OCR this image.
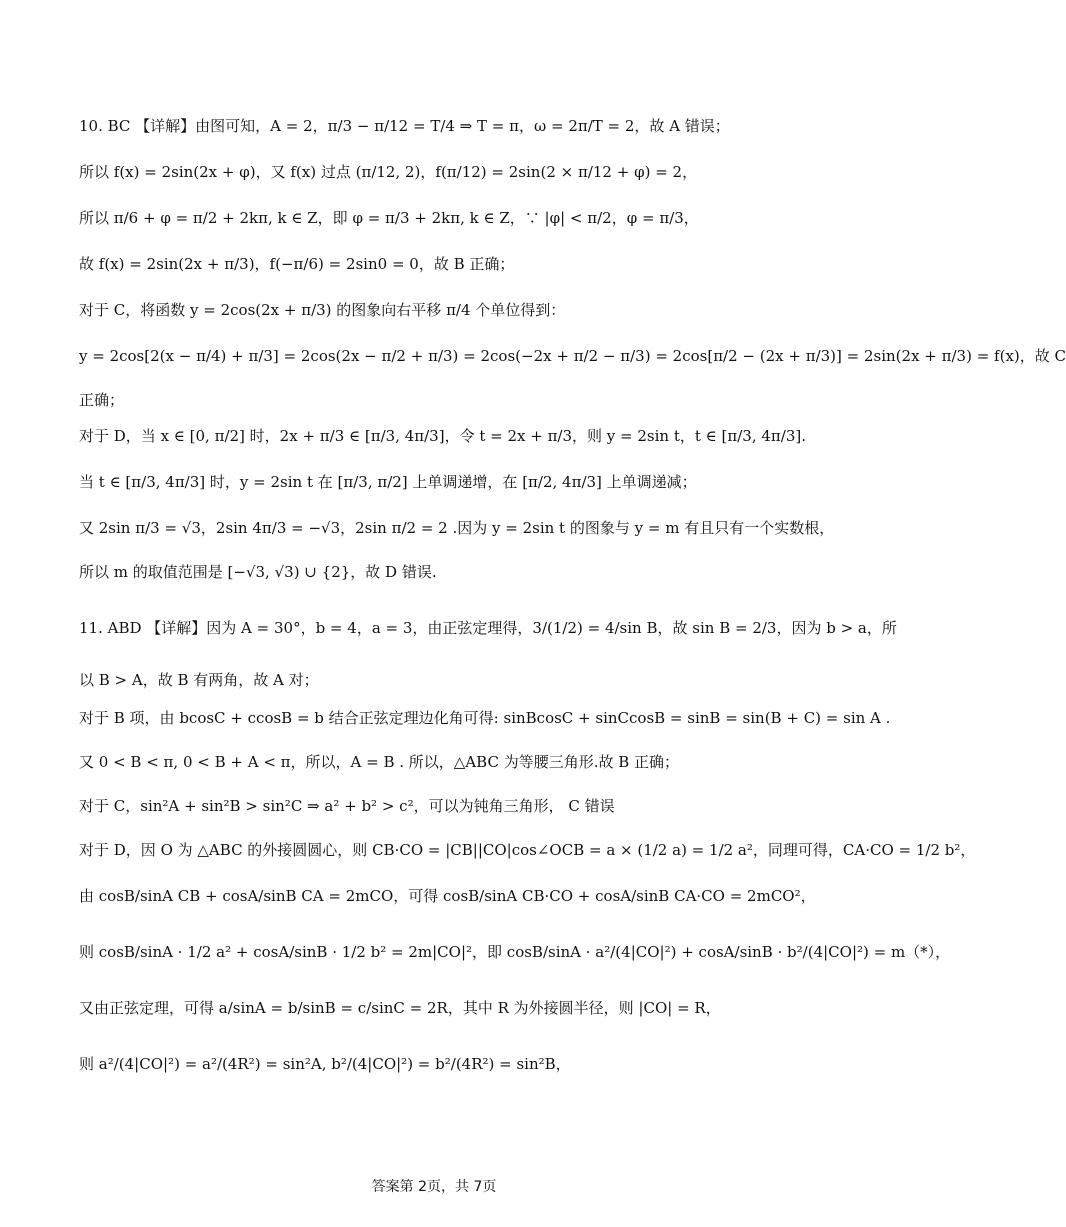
10. BC 【详解】由图可知，A = 2，π/3 − π/12 = T/4 ⇒ T = π，ω = 2π/T = 2，故 A 错误；
所以 f(x) = 2sin(2x + φ)，又 f(x) 过点 (π/12, 2)，f(π/12) = 2sin(2 × π/12 + φ) = 2，
所以 π/6 + φ = π/2 + 2kπ, k ∈ Z，即 φ = π/3 + 2kπ, k ∈ Z，∵ |φ| < π/2，φ = π/3，
故 f(x) = 2sin(2x + π/3)，f(−π/6) = 2sin0 = 0，故 B 正确；
对于 C，将函数 y = 2cos(2x + π/3) 的图象向右平移 π/4 个单位得到：
y = 2cos[2(x − π/4) + π/3] = 2cos(2x − π/2 + π/3) = 2cos(−2x + π/2 − π/3) = 2cos[π/2 − (2x + π/3)] = 2sin(2x + π/3) = f(x)，故 C
正确；
对于 D，当 x ∈ [0, π/2] 时，2x + π/3 ∈ [π/3, 4π/3]，令 t = 2x + π/3，则 y = 2sin t，t ∈ [π/3, 4π/3].
当 t ∈ [π/3, 4π/3] 时，y = 2sin t 在 [π/3, π/2] 上单调递增，在 [π/2, 4π/3] 上单调递减；
又 2sin π/3 = √3，2sin 4π/3 = −√3，2sin π/2 = 2 .因为 y = 2sin t 的图象与 y = m 有且只有一个实数根，
所以 m 的取值范围是 [−√3, √3) ∪ {2}，故 D 错误.
11. ABD 【详解】因为 A = 30°，b = 4，a = 3，由正弦定理得，3/(1/2) = 4/sin B，故 sin B = 2/3，因为 b > a，所
以 B > A，故 B 有两角，故 A 对；
对于 B 项，由 bcosC + ccosB = b 结合正弦定理边化角可得: sinBcosC + sinCcosB = sinB = sin(B + C) = sin A .
又 0 < B < π, 0 < B + A < π，所以，A = B . 所以，△ABC 为等腰三角形.故 B 正确；
对于 C，sin²A + sin²B > sin²C ⇒ a² + b² > c²，可以为钝角三角形， C 错误
对于 D，因 O 为 △ABC 的外接圆圆心，则 CB·CO = |CB||CO|cos∠OCB = a × (1/2 a) = 1/2 a²，同理可得，CA·CO = 1/2 b²，
由 cosB/sinA CB + cosA/sinB CA = 2mCO，可得 cosB/sinA CB·CO + cosA/sinB CA·CO = 2mCO²，
则 cosB/sinA · 1/2 a² + cosA/sinB · 1/2 b² = 2m|CO|²，即 cosB/sinA · a²/(4|CO|²) + cosA/sinB · b²/(4|CO|²) = m（*），
又由正弦定理，可得 a/sinA = b/sinB = c/sinC = 2R，其中 R 为外接圆半径，则 |CO| = R，
则 a²/(4|CO|²) = a²/(4R²) = sin²A, b²/(4|CO|²) = b²/(4R²) = sin²B，
答案第 2页，共 7页
